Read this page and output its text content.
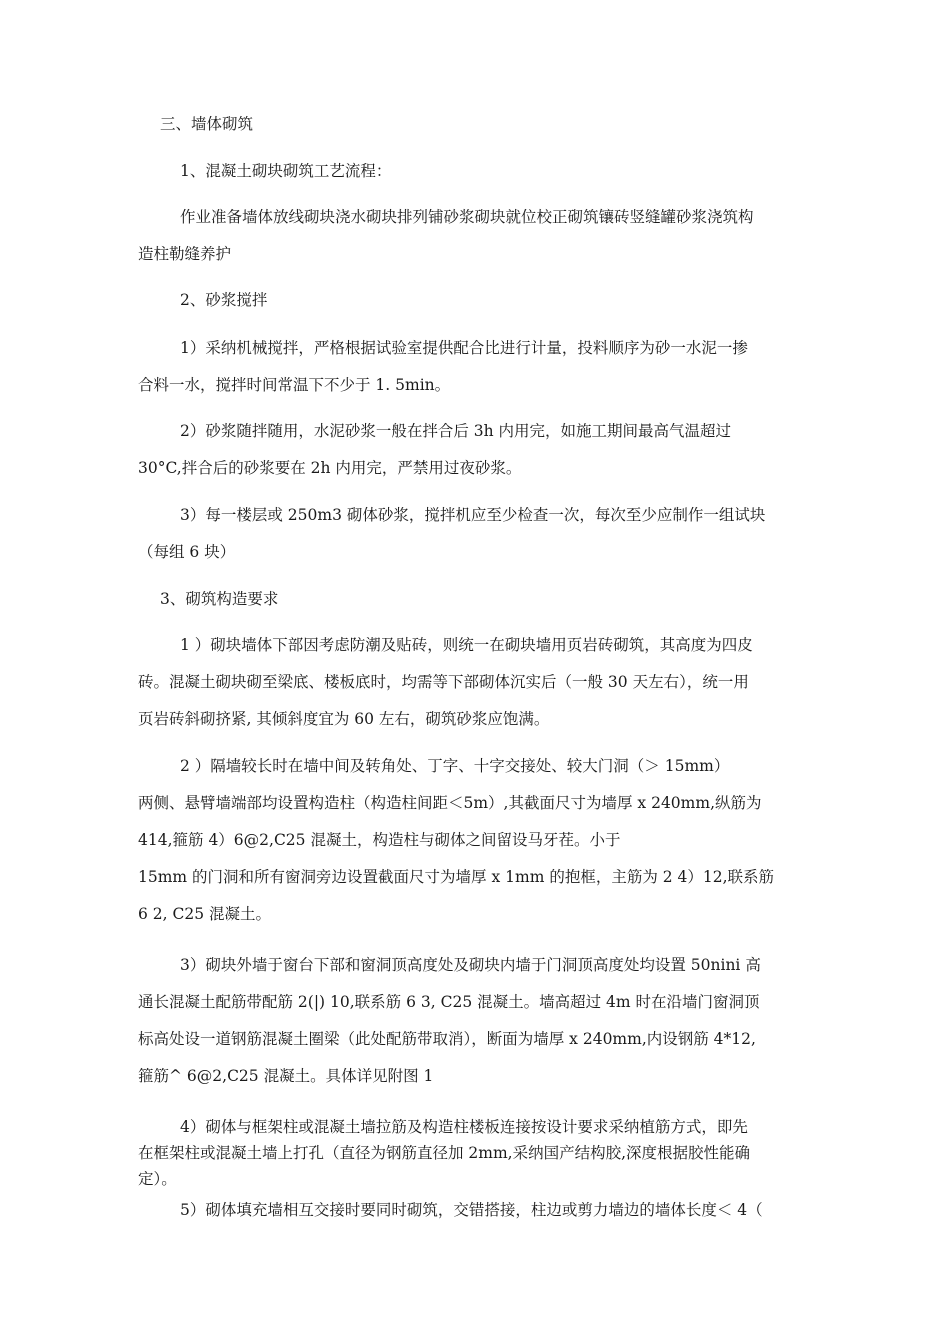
三、墙体砌筑

1、混凝土砌块砌筑工艺流程：

作业准备墙体放线砌块浇水砌块排列铺砂浆砌块就位校正砌筑镶砖竖缝罐砂浆浇筑构
造柱勒缝养护

2、砂浆搅拌

1）采纳机械搅拌，严格根据试验室提供配合比进行计量，投料顺序为砂一水泥一掺
合料一水，搅拌时间常温下不少于 1. 5min。

2）砂浆随拌随用，水泥砂浆一般在拌合后 3h 内用完，如施工期间最高气温超过
30°C,拌合后的砂浆要在 2h 内用完，严禁用过夜砂浆。

3）每一楼层或 250m3 砌体砂浆，搅拌机应至少检查一次，每次至少应制作一组试块
（每组 6 块）

3、砌筑构造要求

1 ）砌块墙体下部因考虑防潮及贴砖，则统一在砌块墙用页岩砖砌筑，其高度为四皮
砖。混凝土砌块砌至梁底、楼板底时，均需等下部砌体沉实后（一般 30 天左右），统一用
页岩砖斜砌挤紧, 其倾斜度宜为 60 左右，砌筑砂浆应饱满。

2 ）隔墙较长时在墙中间及转角处、丁字、十字交接处、较大门洞（＞ 15mm）
两侧、悬臂墙端部均设置构造柱（构造柱间距＜5m）,其截面尺寸为墙厚 x 240mm,纵筋为
414,箍筋 4）6@2,C25 混凝土，构造柱与砌体之间留设马牙茬。小于
15mm 的门洞和所有窗洞旁边设置截面尺寸为墙厚 x 1mm 的抱框，主筋为 2 4）12,联系筋
6 2, C25 混凝土。

3）砌块外墙于窗台下部和窗洞顶高度处及砌块内墙于门洞顶高度处均设置 50nini 高
通长混凝土配筋带配筋 2(|) 10,联系筋 6 3, C25 混凝土。墙高超过 4m 时在沿墙门窗洞顶
标高处设一道钢筋混凝土圈梁（此处配筋带取消），断面为墙厚 x 240mm,内设钢筋 4*12,
箍筋^ 6@2,C25 混凝土。具体详见附图 1

4）砌体与框架柱或混凝土墙拉筋及构造柱楼板连接按设计要求采纳植筋方式，即先

在框架柱或混凝土墙上打孔（直径为钢筋直径加 2mm,采纳国产结构胶,深度根据胶性能确
定）。

5）砌体填充墙相互交接时要同时砌筑，交错搭接，柱边或剪力墙边的墙体长度＜ 4（
